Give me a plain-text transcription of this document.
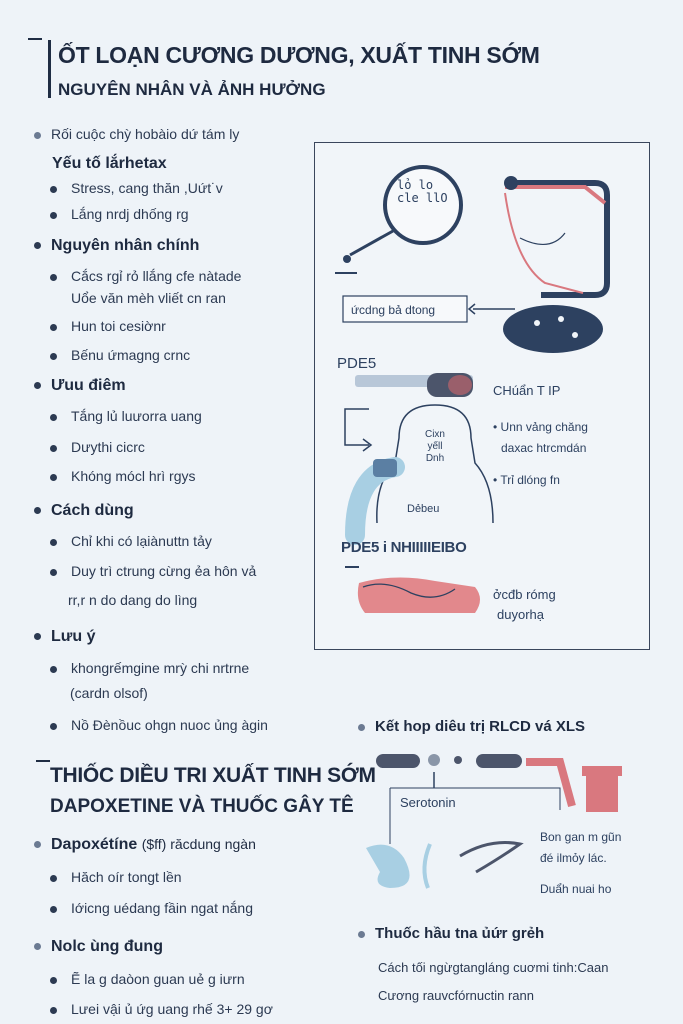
ỐT LOẠN CƯƠNG DƯƠNG, XUẤT TINH SỚM
NGUYÊN NHÂN VÀ ẢNH HƯỞNG
Rối cuộc chỳ hobàio dứ tám ly
Yếu tố lắrhetax
Stress, cang thăn ,Uứt˙v
Lắng nrdj dhống rg
Nguyên nhân chính
Cắcs rgỉ rỏ llắng cfe nàtade
Uổe văn mèh vliết cn ran
Hun toi cesiờnr
Bếnu ứmagng crnc
Ưuu điêm
Tắng lủ luưorra uang
Dưythi cicrc
Khóng mócl hrì rgys
Cách dùng
Chỉ khi có lạiànuttn tảy
Duy trì ctrung cừng ẻa hôn vả
rr,r n do dang do lìng
Lưu ý
khongrếmgine mrỳ chi nrtrne
(cardn olsof)
Nồ Đènồuc ohgn nuoc ủng àgin
lỏ lo cle llO
ứcdng bả dtong
PDE5
CHúẩn T IP
• Unn vảng chăng
daxac htrcmdán
• Trỉ dlóng fn
Cixn yếll Dnh
Dẻbeu
PDE5 i NHIIIIIEIBO
ởcđb rómg
duyorhạ
Kết hop diêu trị RLCD vá XLS
Serotonin
Bon gan m gũn
đé ilmỏy lác.
Duẩh nuai ho
Thuốc hầu tna ủứr grẻh
Cách tối ngừgtangláng cuơmi tinh:Caan
Cương rauvcfórnuctin rann
THIỐC DIỀU TRI XUẤT TINH SỚM
DAPOXETINE VÀ THUỐC GÂY TÊ
Dapoxétíne ($ff) răcdung ngàn
Hăch oír tongt lền
Iớicng uédang fầin ngat nắng
Nolc ùng đung
Ẽ la g daòon guan uẻ g iưrn
Lưei vậi ủ ứg uang rhế 3+ 29 gơ
